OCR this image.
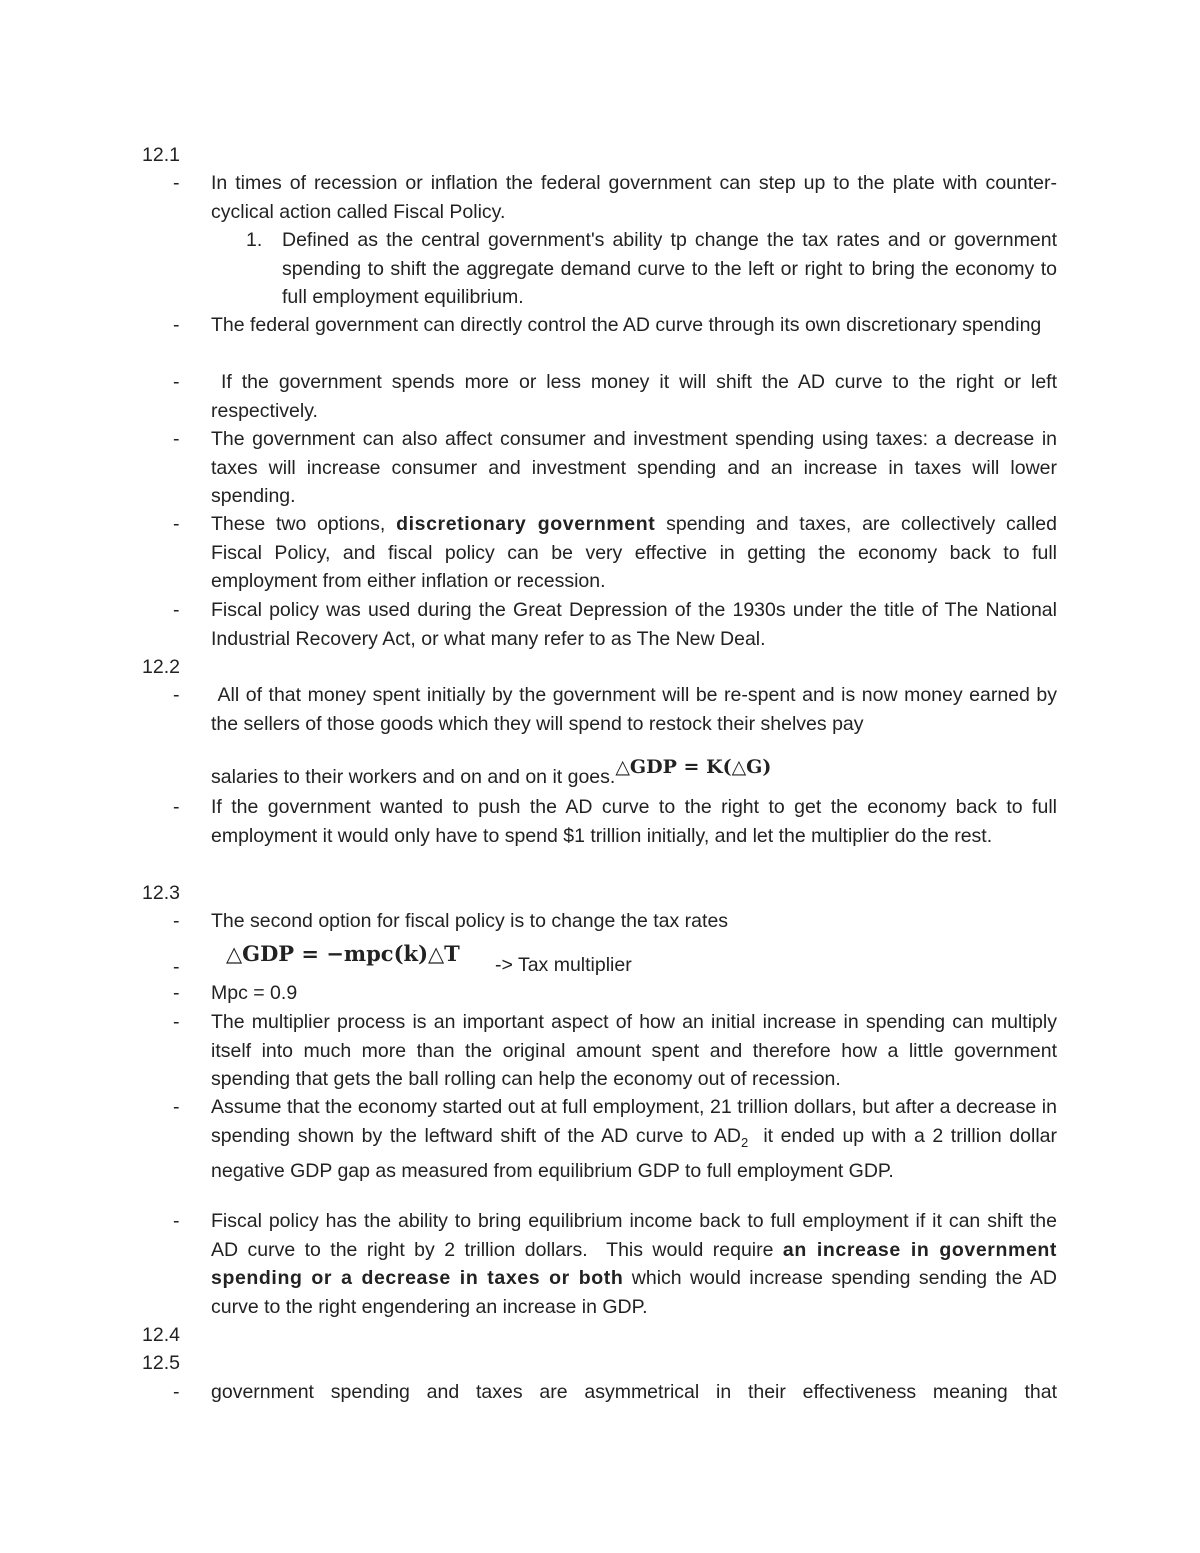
12.1
- In times of recession or inflation the federal government can step up to the plate with counter-cyclical action called Fiscal Policy.
1. Defined as the central government's ability tp change the tax rates and or government spending to shift the aggregate demand curve to the left or right to bring the economy to full employment equilibrium.
- The federal government can directly control the AD curve through its own discretionary spending
- If the government spends more or less money it will shift the AD curve to the right or left respectively.
- The government can also affect consumer and investment spending using taxes: a decrease in taxes will increase consumer and investment spending and an increase in taxes will lower spending.
- These two options, discretionary government spending and taxes, are collectively called Fiscal Policy, and fiscal policy can be very effective in getting the economy back to full employment from either inflation or recession.
- Fiscal policy was used during the Great Depression of the 1930s under the title of The National Industrial Recovery Act, or what many refer to as The New Deal.
12.2
- All of that money spent initially by the government will be re-spent and is now money earned by the sellers of those goods which they will spend to restock their shelves pay
salaries to their workers and on and on it goes.△GDP = K(△G)
- If the government wanted to push the AD curve to the right to get the economy back to full employment it would only have to spend $1 trillion initially, and let the multiplier do the rest.
12.3
- The second option for fiscal policy is to change the tax rates
-
△GDP = −mpc(k)△T -> Tax multiplier
- Mpc = 0.9
- The multiplier process is an important aspect of how an initial increase in spending can multiply itself into much more than the original amount spent and therefore how a little government spending that gets the ball rolling can help the economy out of recession.
- Assume that the economy started out at full employment, 21 trillion dollars, but after a decrease in spending shown by the leftward shift of the AD curve to $AD_2$  it ended up with a 2 trillion dollar negative GDP gap as measured from equilibrium GDP to full employment GDP.
- Fiscal policy has the ability to bring equilibrium income back to full employment if it can shift the AD curve to the right by 2 trillion dollars.  This would require an increase in government spending or a decrease in taxes or both which would increase spending sending the AD curve to the right engendering an increase in GDP.
12.4
12.5
- government spending and taxes are asymmetrical in their effectiveness meaning that
